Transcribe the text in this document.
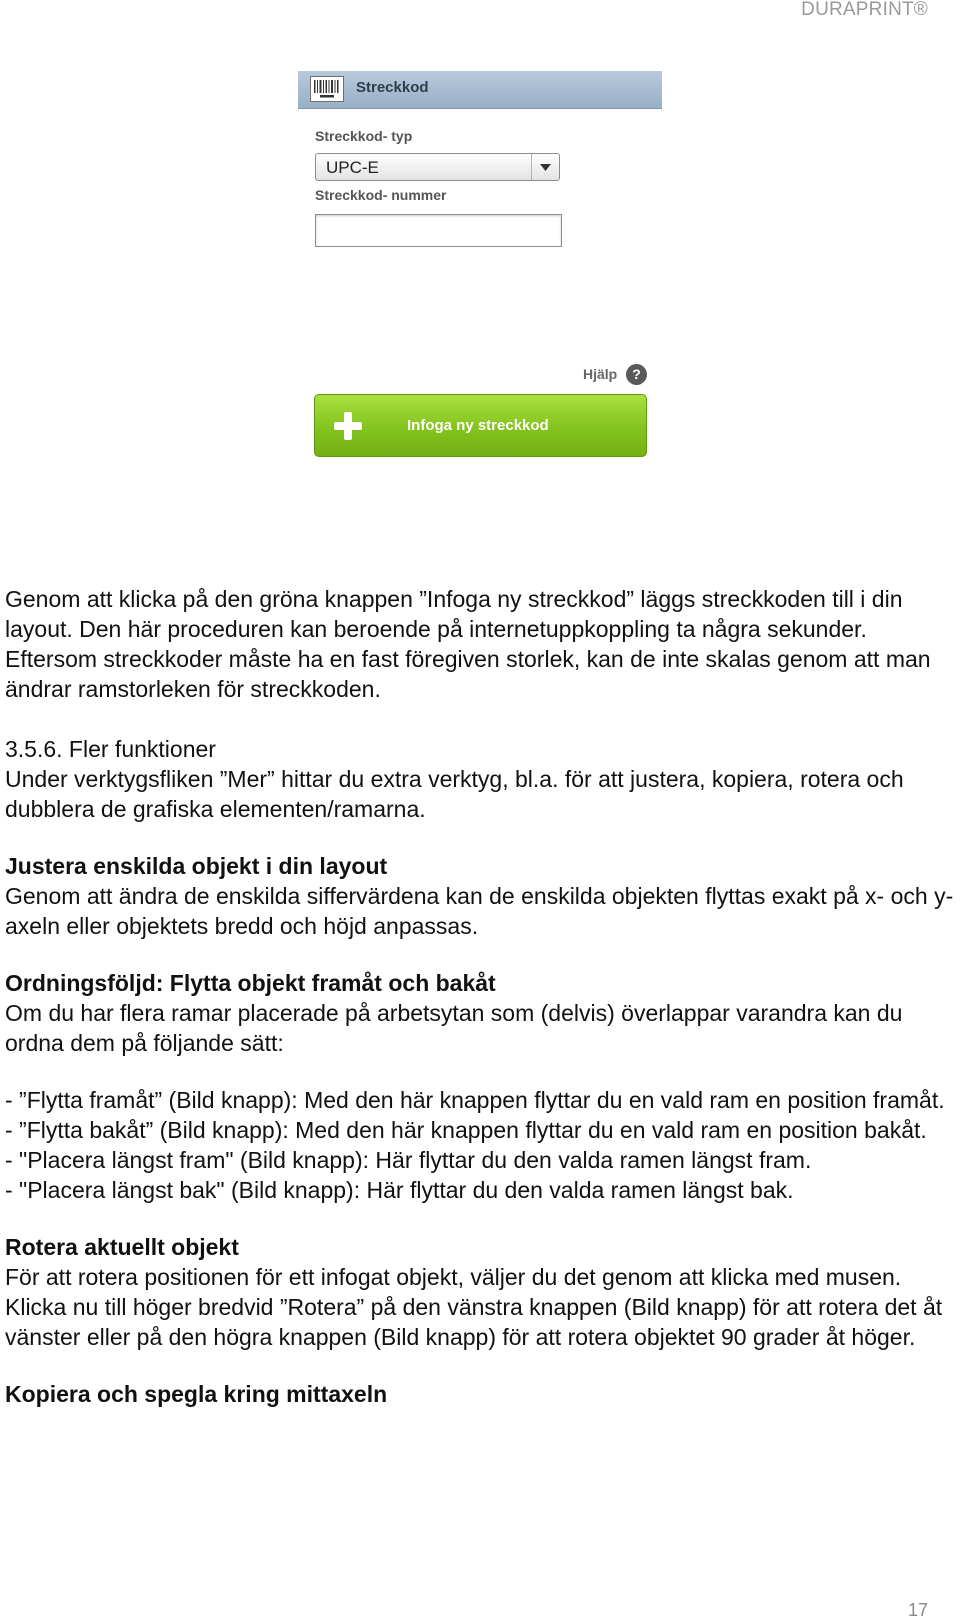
DURAPRINT®
Streckkod
Streckkod- typ
UPC-E
Streckkod- nummer
Hjälp	?
Infoga ny streckkod

Genom att klicka på den gröna knappen ”Infoga ny streckkod” läggs streckkoden till i din layout. Den här proceduren kan beroende på internetuppkoppling ta några sekunder.

Eftersom streckkoder måste ha en fast föregiven storlek, kan de inte skalas genom att man ändrar ramstorleken för streckkoden.

3.5.6. Fler funktioner

Under verktygsfliken ”Mer” hittar du extra verktyg, bl.a. för att justera, kopiera, rotera och dubblera de grafiska elementen/ramarna.

Justera enskilda objekt i din layout

Genom att ändra de enskilda siffervärdena kan de enskilda objekten flyttas exakt på x- och y-axeln eller objektets bredd och höjd anpassas.

Ordningsföljd: Flytta objekt framåt och bakåt

Om du har flera ramar placerade på arbetsytan som (delvis) överlappar varandra kan du ordna dem på följande sätt:

- ”Flytta framåt” (Bild knapp): Med den här knappen flyttar du en vald ram en position framåt.

- ”Flytta bakåt” (Bild knapp): Med den här knappen flyttar du en vald ram en position bakåt.

- "Placera längst fram" (Bild knapp): Här flyttar du den valda ramen längst fram.

- "Placera längst bak" (Bild knapp): Här flyttar du den valda ramen längst bak.

Rotera aktuellt objekt

För att rotera positionen för ett infogat objekt, väljer du det genom att klicka med musen. Klicka nu till höger bredvid ”Rotera” på den vänstra knappen (Bild knapp) för att rotera det åt vänster eller på den högra knappen (Bild knapp) för att rotera objektet 90 grader åt höger.

Kopiera och spegla kring mittaxeln

17
